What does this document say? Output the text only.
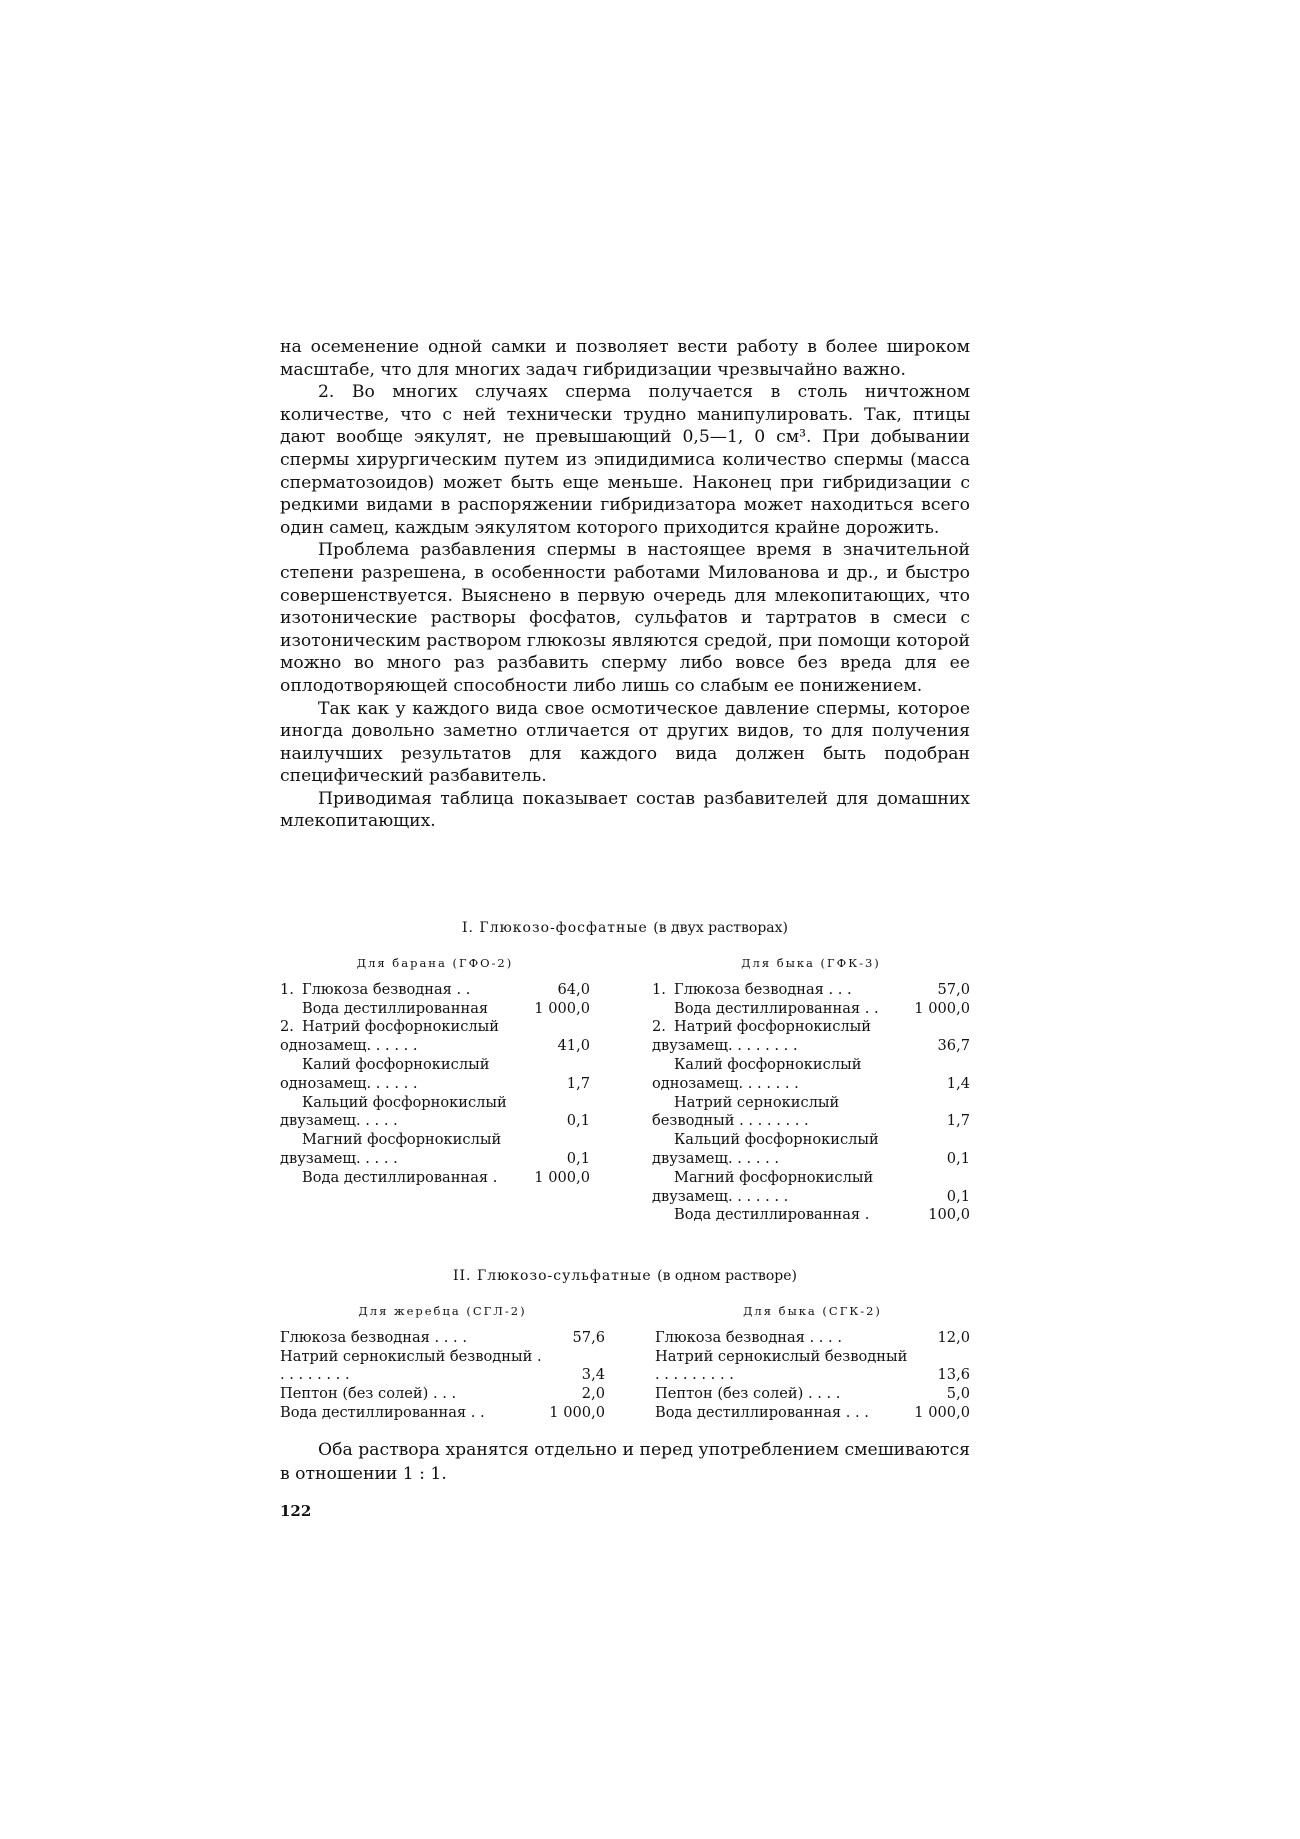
на осеменение одной самки и позволяет вести работу в более широком масштабе, что для многих задач гибридизации чрезвычайно важно.

2. Во многих случаях сперма получается в столь ничтожном количестве, что с ней технически трудно манипулировать. Так, птицы дают вообще эякулят, не превышающий 0,5—1, 0 см³. При добывании спермы хирургическим путем из эпидидимиса количество спермы (масса сперматозоидов) может быть еще меньше. Наконец при гибридизации с редкими видами в распоряжении гибридизатора может находиться всего один самец, каждым эякулятом которого приходится крайне дорожить.

Проблема разбавления спермы в настоящее время в значительной степени разрешена, в особенности работами Милованова и др., и быстро совершенствуется. Выяснено в первую очередь для млекопитающих, что изотонические растворы фосфатов, сульфатов и тартратов в смеси с изотоническим раствором глюкозы являются средой, при помощи которой можно во много раз разбавить сперму либо вовсе без вреда для ее оплодотворяющей способности либо лишь со слабым ее понижением.

Так как у каждого вида свое осмотическое давление спермы, которое иногда довольно заметно отличается от других видов, то для получения наилучших результатов для каждого вида должен быть подобран специфический разбавитель.

Приводимая таблица показывает состав разбавителей для домашних млекопитающих.

I. Глюкозо-фосфатные (в двух растворах)
Для барана (ГФО-2)
1. Глюкоза безводная . .	64,0
Вода дестиллированная	1 000,0
2. Натрий фосфорнокислый однозамещ. . . . . .	41,0
Калий фосфорнокислый однозамещ. . . . . .	1,7
Кальций фосфорнокислый двузамещ. . . . .	0,1
Магний фосфорнокислый двузамещ. . . . .	0,1
Вода дестиллированная .	1 000,0
Для быка (ГФК-3)
1. Глюкоза безводная . . .	57,0
Вода дестиллированная . .	1 000,0
2. Натрий фосфорнокислый двузамещ. . . . . . . .	36,7
Калий фосфорнокислый однозамещ. . . . . . .	1,4
Натрий сернокислый безводный . . . . . . . .	1,7
Кальций фосфорнокислый двузамещ. . . . . .	0,1
Магний фосфорнокислый двузамещ. . . . . . .	0,1
Вода дестиллированная .	100,0
II. Глюкозо-сульфатные (в одном растворе)
Для жеребца (СГЛ-2)
Глюкоза безводная . . . .	57,6
Натрий сернокислый безводный . . . . . . . . .	3,4
Пептон (без солей) . . .	2,0
Вода дестиллированная . .	1 000,0
Для быка (СГК-2)
Глюкоза безводная . . . .	12,0
Натрий сернокислый безводный . . . . . . . . .	13,6
Пептон (без солей) . . . .	5,0
Вода дестиллированная . . .	1 000,0

Оба раствора хранятся отдельно и перед употреблением смешиваются в отношении 1 : 1.

122
